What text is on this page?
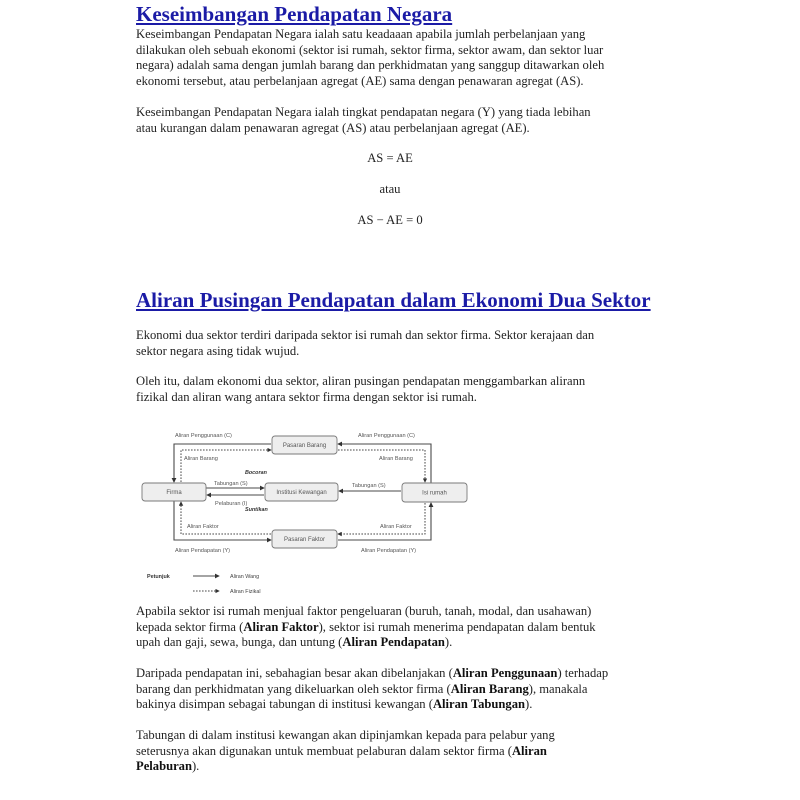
Keseimbangan Pendapatan Negara
Keseimbangan Pendapatan Negara ialah satu keadaaan apabila jumlah perbelanjaan yang
dilakukan oleh sebuah ekonomi (sektor isi rumah, sektor firma, sektor awam, dan sektor luar
negara) adalah sama dengan jumlah barang dan perkhidmatan yang sanggup ditawarkan oleh
ekonomi tersebut, atau perbelanjaan agregat (AE) sama dengan penawaran agregat (AS).
Keseimbangan Pendapatan Negara ialah tingkat pendapatan negara (Y) yang tiada lebihan
atau kurangan dalam penawaran agregat (AS) atau perbelanjaan agregat (AE).
AS = AE
atau
AS − AE = 0
Aliran Pusingan Pendapatan dalam Ekonomi Dua Sektor
Ekonomi dua sektor terdiri daripada sektor isi rumah dan sektor firma. Sektor kerajaan dan
sektor negara asing tidak wujud.
Oleh itu, dalam ekonomi dua sektor, aliran pusingan pendapatan menggambarkan alirann
fizikal dan aliran wang antara sektor firma dengan sektor isi rumah.
Pasaran Barang
Firma	Institusi Kewangan	Isi rumah
Pasaran Faktor
Aliran Penggunaan (C)	Aliran Penggunaan (C)
Aliran Barang	Aliran Barang
Bocoran
Tabungan (S)	Tabungan (S)
Pelaburan (I)
Suntikan
Aliran Faktor	Aliran Faktor
Aliran Pendapatan (Y)	Aliran Pendapatan (Y)
Petunjuk	Aliran Wang
Aliran Fizikal
Apabila sektor isi rumah menjual faktor pengeluaran (buruh, tanah, modal, dan usahawan)
kepada sektor firma (Aliran Faktor), sektor isi rumah menerima pendapatan dalam bentuk
upah dan gaji, sewa, bunga, dan untung (Aliran Pendapatan).
Daripada pendapatan ini, sebahagian besar akan dibelanjakan (Aliran Penggunaan) terhadap
barang dan perkhidmatan yang dikeluarkan oleh sektor firma (Aliran Barang), manakala
bakinya disimpan sebagai tabungan di institusi kewangan (Aliran Tabungan).
Tabungan di dalam institusi kewangan akan dipinjamkan kepada para pelabur yang
seterusnya akan digunakan untuk membuat pelaburan dalam sektor firma (Aliran
Pelaburan).
